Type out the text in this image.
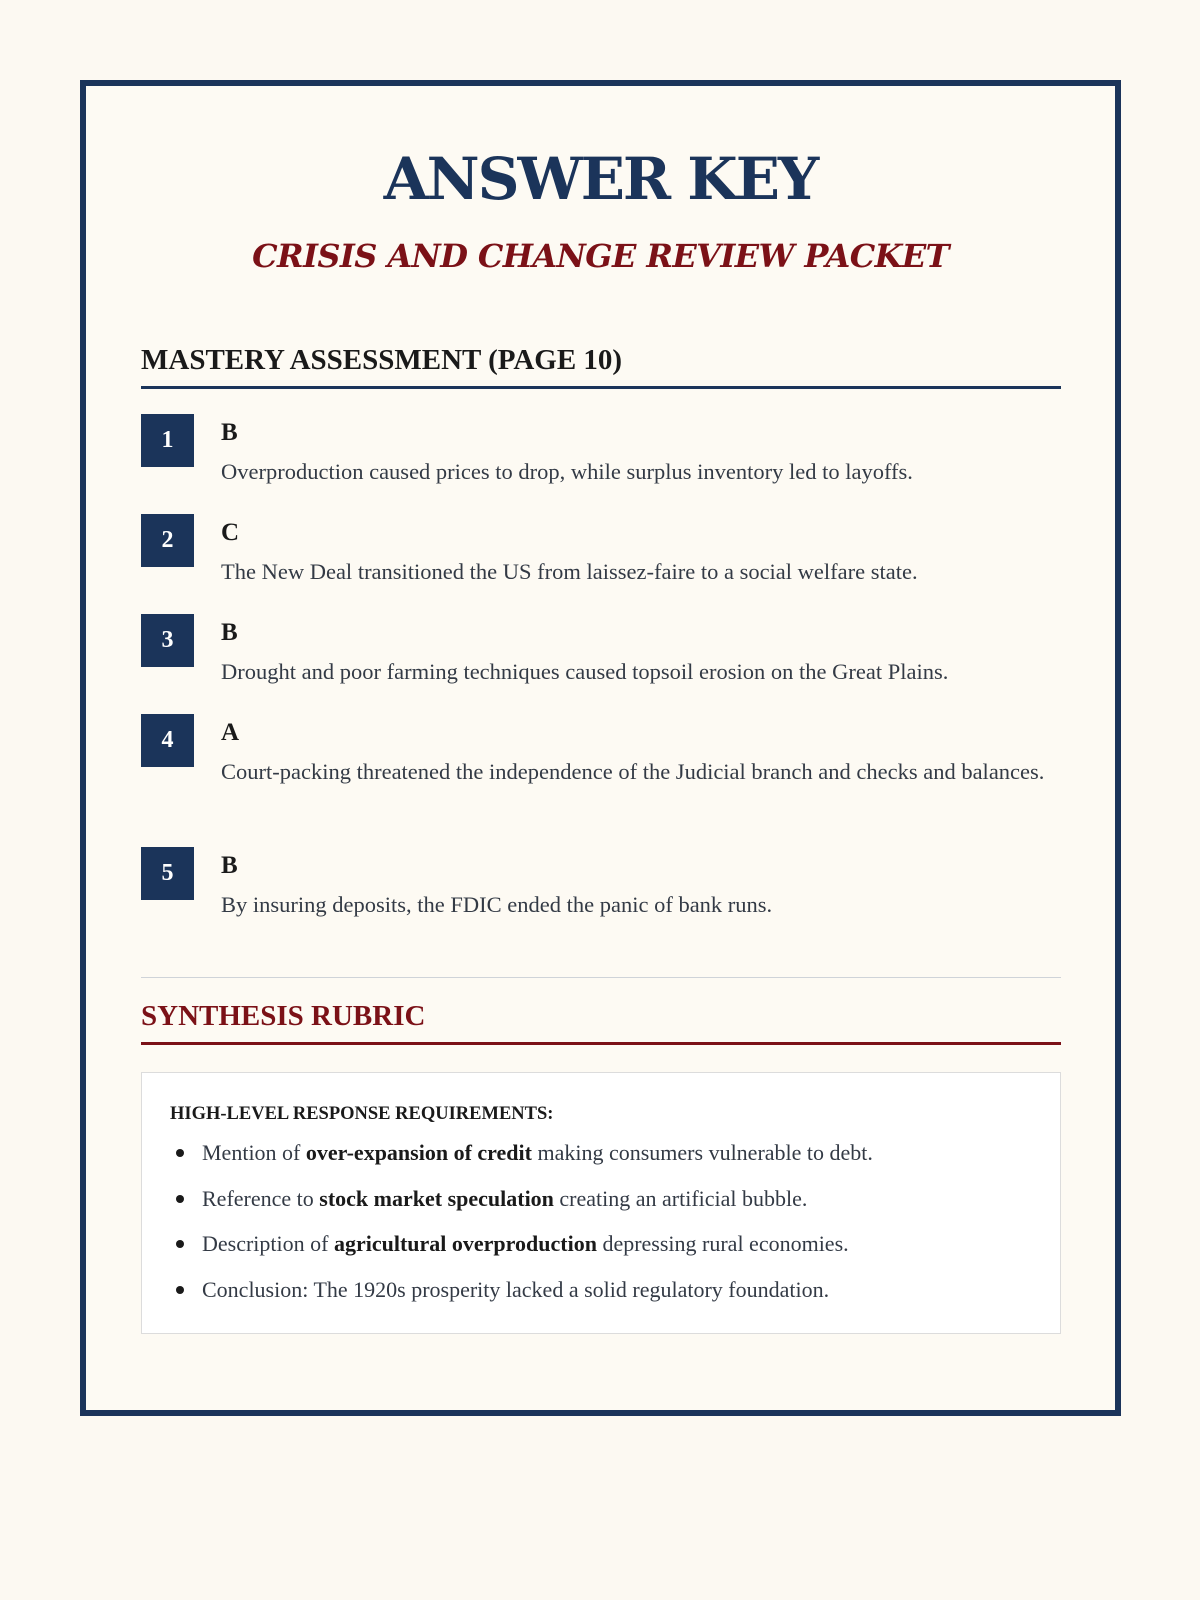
ANSWER KEY
CRISIS AND CHANGE REVIEW PACKET
MASTERY ASSESSMENT (PAGE 10)
1	B
Overproduction caused prices to drop, while surplus inventory led to layoffs.
2	C
The New Deal transitioned the US from laissez-faire to a social welfare state.
3	B
Drought and poor farming techniques caused topsoil erosion on the Great Plains.
4	A
Court-packing threatened the independence of the Judicial branch and checks and balances.
5	B
By insuring deposits, the FDIC ended the panic of bank runs.
SYNTHESIS RUBRIC
HIGH-LEVEL RESPONSE REQUIREMENTS:
Mention of over-expansion of credit making consumers vulnerable to debt.
Reference to stock market speculation creating an artificial bubble.
Description of agricultural overproduction depressing rural economies.
Conclusion: The 1920s prosperity lacked a solid regulatory foundation.
